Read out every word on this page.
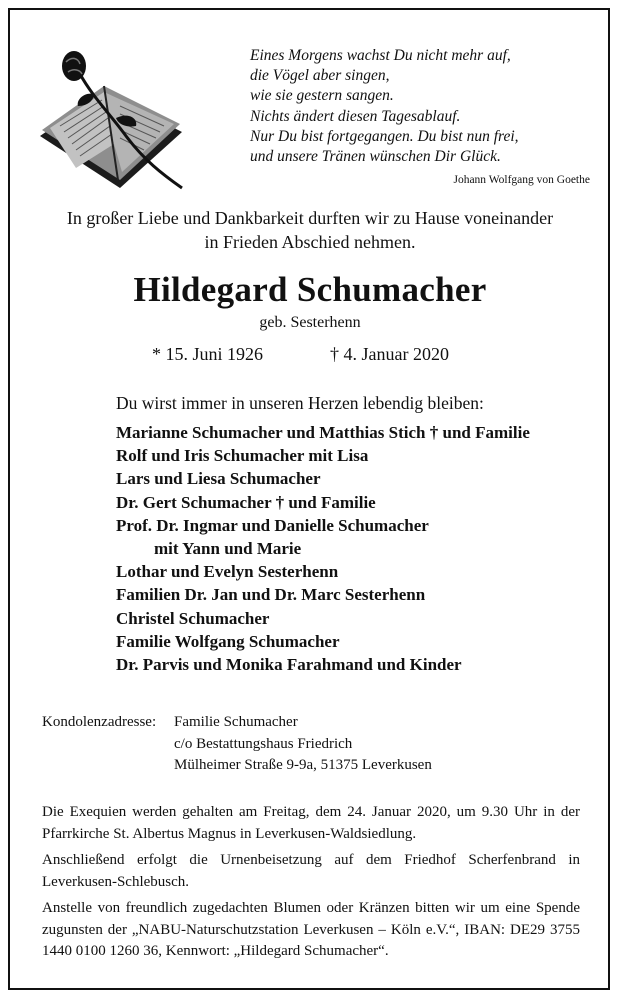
Eines Morgens wachst Du nicht mehr auf,
die Vögel aber singen,
wie sie gestern sangen.
Nichts ändert diesen Tagesablauf.
Nur Du bist fortgegangen. Du bist nun frei,
und unsere Tränen wünschen Dir Glück.
Johann Wolfgang von Goethe
In großer Liebe und Dankbarkeit durften wir zu Hause voneinander
in Frieden Abschied nehmen.
Hildegard Schumacher
geb. Sesterhenn
* 15. Juni 1926	† 4. Januar 2020
Du wirst immer in unseren Herzen lebendig bleiben:
Marianne Schumacher und Matthias Stich † und Familie
Rolf und Iris Schumacher mit Lisa
Lars und Liesa Schumacher
Dr. Gert Schumacher † und Familie
Prof. Dr. Ingmar und Danielle Schumacher
mit Yann und Marie
Lothar und Evelyn Sesterhenn
Familien Dr. Jan und Dr. Marc Sesterhenn
Christel Schumacher
Familie Wolfgang Schumacher
Dr. Parvis und Monika Farahmand und Kinder
Kondolenzadresse: Familie Schumacher
c/o Bestattungshaus Friedrich
Mülheimer Straße 9-9a, 51375 Leverkusen
Die Exequien werden gehalten am Freitag, dem 24. Januar 2020, um 9.30 Uhr in der Pfarrkirche St. Albertus Magnus in Leverkusen-Waldsiedlung.
Anschließend erfolgt die Urnenbeisetzung auf dem Friedhof Scherfenbrand in Leverkusen-Schlebusch.
Anstelle von freundlich zugedachten Blumen oder Kränzen bitten wir um eine Spende zugunsten der „NABU-Naturschutzstation Leverkusen – Köln e.V.“, IBAN: DE29 3755 1440 0100 1260 36, Kennwort: „Hildegard Schumacher“.
